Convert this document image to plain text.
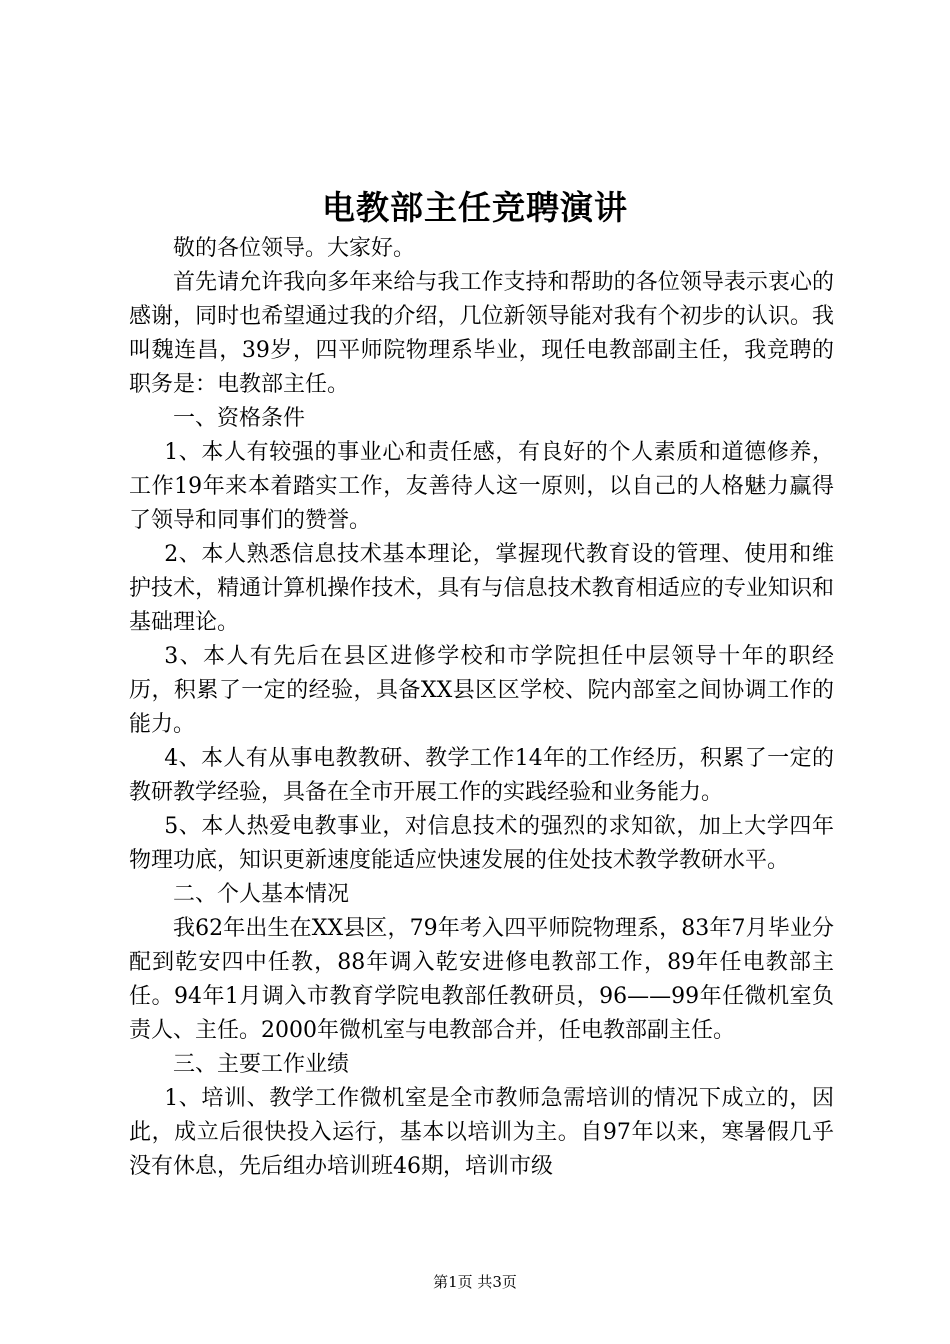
电教部主任竞聘演讲

敬的各位领导。大家好。

首先请允许我向多年来给与我工作支持和帮助的各位领导表示衷心的感谢，同时也希望通过我的介绍，几位新领导能对我有个初步的认识。我叫魏连昌，39岁，四平师院物理系毕业，现任电教部副主任，我竞聘的职务是：电教部主任。

一、资格条件

1、本人有较强的事业心和责任感，有良好的个人素质和道德修养，工作19年来本着踏实工作，友善待人这一原则，以自己的人格魅力赢得了领导和同事们的赞誉。

2、本人熟悉信息技术基本理论，掌握现代教育设的管理、使用和维护技术，精通计算机操作技术，具有与信息技术教育相适应的专业知识和基础理论。

3、本人有先后在县区进修学校和市学院担任中层领导十年的职经历，积累了一定的经验，具备XX县区区学校、院内部室之间协调工作的能力。

4、本人有从事电教教研、教学工作14年的工作经历，积累了一定的教研教学经验，具备在全市开展工作的实践经验和业务能力。

5、本人热爱电教事业，对信息技术的强烈的求知欲，加上大学四年物理功底，知识更新速度能适应快速发展的住处技术教学教研水平。

二、个人基本情况

我62年出生在XX县区，79年考入四平师院物理系，83年7月毕业分配到乾安四中任教，88年调入乾安进修电教部工作，89年任电教部主任。94年1月调入市教育学院电教部任教研员，96——99年任微机室负责人、主任。2000年微机室与电教部合并，任电教部副主任。

三、主要工作业绩

1、培训、教学工作微机室是全市教师急需培训的情况下成立的，因此，成立后很快投入运行，基本以培训为主。自97年以来，寒暑假几乎没有休息，先后组办培训班46期，培训市级

第1页 共3页
